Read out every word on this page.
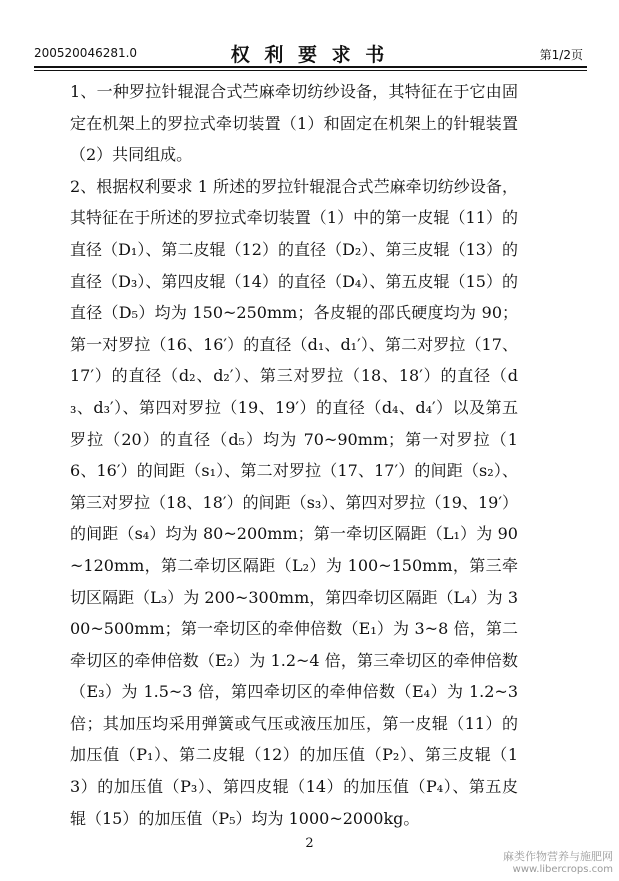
200520046281.0	权 利 要 求 书	第1/2页

1、一种罗拉针辊混合式苎麻牵切纺纱设备，其特征在于它由固定在机架上的罗拉式牵切装置（1）和固定在机架上的针辊装置（2）共同组成。

2、根据权利要求 1 所述的罗拉针辊混合式苎麻牵切纺纱设备，其特征在于所述的罗拉式牵切装置（1）中的第一皮辊（11）的直径（D₁）、第二皮辊（12）的直径（D₂）、第三皮辊（13）的直径（D₃）、第四皮辊（14）的直径（D₄）、第五皮辊（15）的直径（D₅）均为 150~250mm；各皮辊的邵氏硬度均为 90；第一对罗拉（16、16′）的直径（d₁、d₁′）、第二对罗拉（17、17′）的直径（d₂、d₂′）、第三对罗拉（18、18′）的直径（d₃、d₃′）、第四对罗拉（19、19′）的直径（d₄、d₄′）以及第五罗拉（20）的直径（d₅）均为 70~90mm；第一对罗拉（16、16′）的间距（s₁）、第二对罗拉（17、17′）的间距（s₂）、第三对罗拉（18、18′）的间距（s₃）、第四对罗拉（19、19′）的间距（s₄）均为 80~200mm；第一牵切区隔距（L₁）为 90~120mm，第二牵切区隔距（L₂）为 100~150mm，第三牵切区隔距（L₃）为 200~300mm，第四牵切区隔距（L₄）为 300~500mm；第一牵切区的牵伸倍数（E₁）为 3~8 倍，第二牵切区的牵伸倍数（E₂）为 1.2~4 倍，第三牵切区的牵伸倍数（E₃）为 1.5~3 倍，第四牵切区的牵伸倍数（E₄）为 1.2~3 倍；其加压均采用弹簧或气压或液压加压，第一皮辊（11）的加压值（P₁）、第二皮辊（12）的加压值（P₂）、第三皮辊（13）的加压值（P₃）、第四皮辊（14）的加压值（P₄）、第五皮辊（15）的加压值（P₅）均为 1000~2000kg。

2
麻类作物营养与施肥网
www.libercrops.com
